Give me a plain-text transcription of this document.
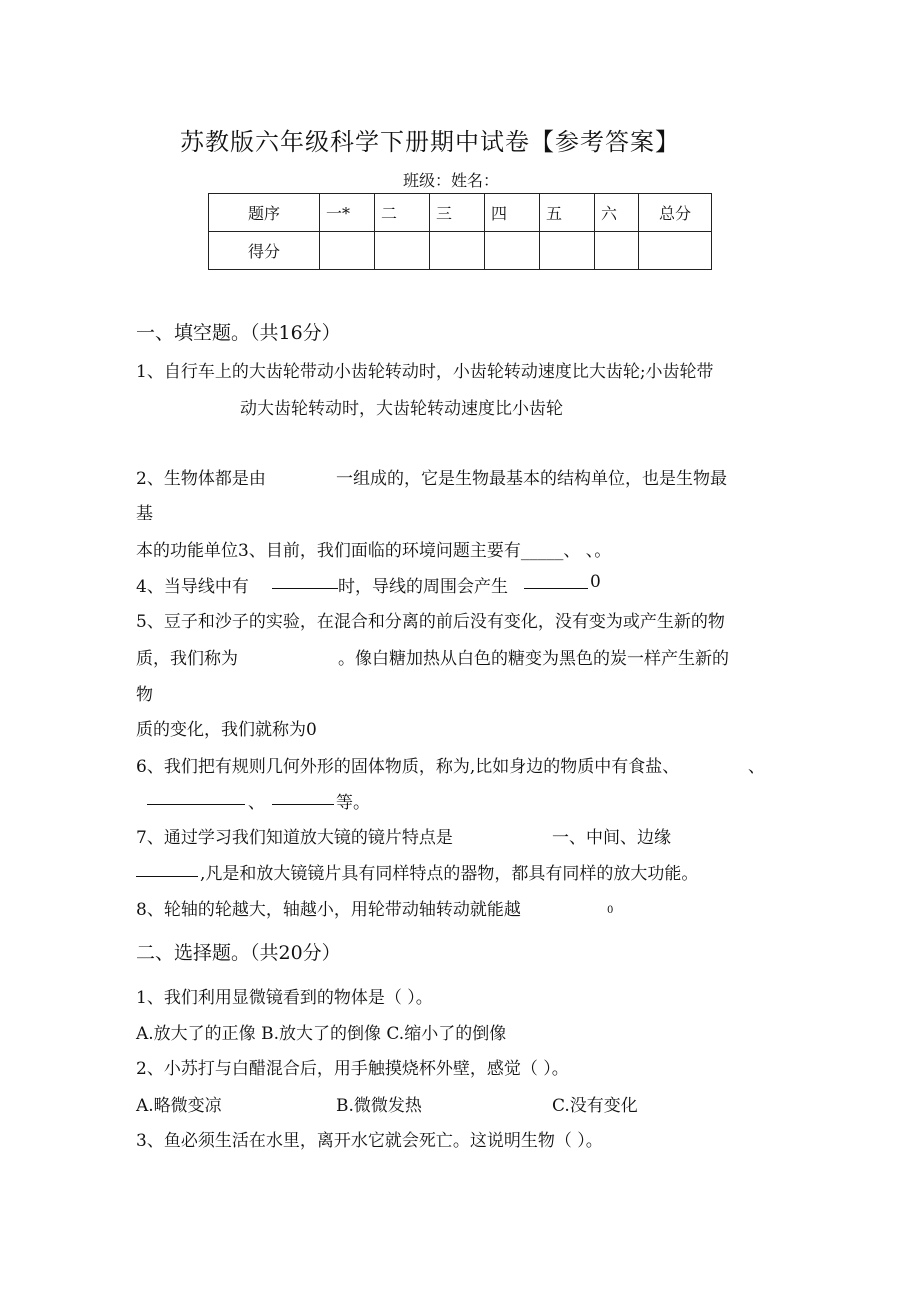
苏教版六年级科学下册期中试卷【参考答案】
班级：姓名：
题序	一*	二	三	四	五	六	总分
得分							
一、填空题。（共16分）
1、自行车上的大齿轮带动小齿轮转动时，小齿轮转动速度比大齿轮;小齿轮带
动大齿轮转动时，大齿轮转动速度比小齿轮
2、生物体都是由	一组成的，它是生物最基本的结构单位，也是生物最
基
本的功能单位3、目前，我们面临的环境问题主要有_____、 、。
4、当导线中有	时，导线的周围会产生	0
5、豆子和沙子的实验，在混合和分离的前后没有变化，没有变为或产生新的物
质，我们称为	。像白糖加热从白色的糖变为黑色的炭一样产生新的
物
质的变化，我们就称为0
6、我们把有规则几何外形的固体物质，称为,比如身边的物质中有食盐、	、
、	等。
7、通过学习我们知道放大镜的镜片特点是	一、中间、边缘
,凡是和放大镜镜片具有同样特点的器物，都具有同样的放大功能。
8、轮轴的轮越大，轴越小，用轮带动轴转动就能越	0
二、选择题。（共20分）
1、我们利用显微镜看到的物体是（ ）。
A.放大了的正像 B.放大了的倒像 C.缩小了的倒像
2、小苏打与白醋混合后，用手触摸烧杯外壁，感觉（ ）。
A.略微变凉	B.微微发热	C.没有变化
3、鱼必须生活在水里，离开水它就会死亡。这说明生物（ ）。
